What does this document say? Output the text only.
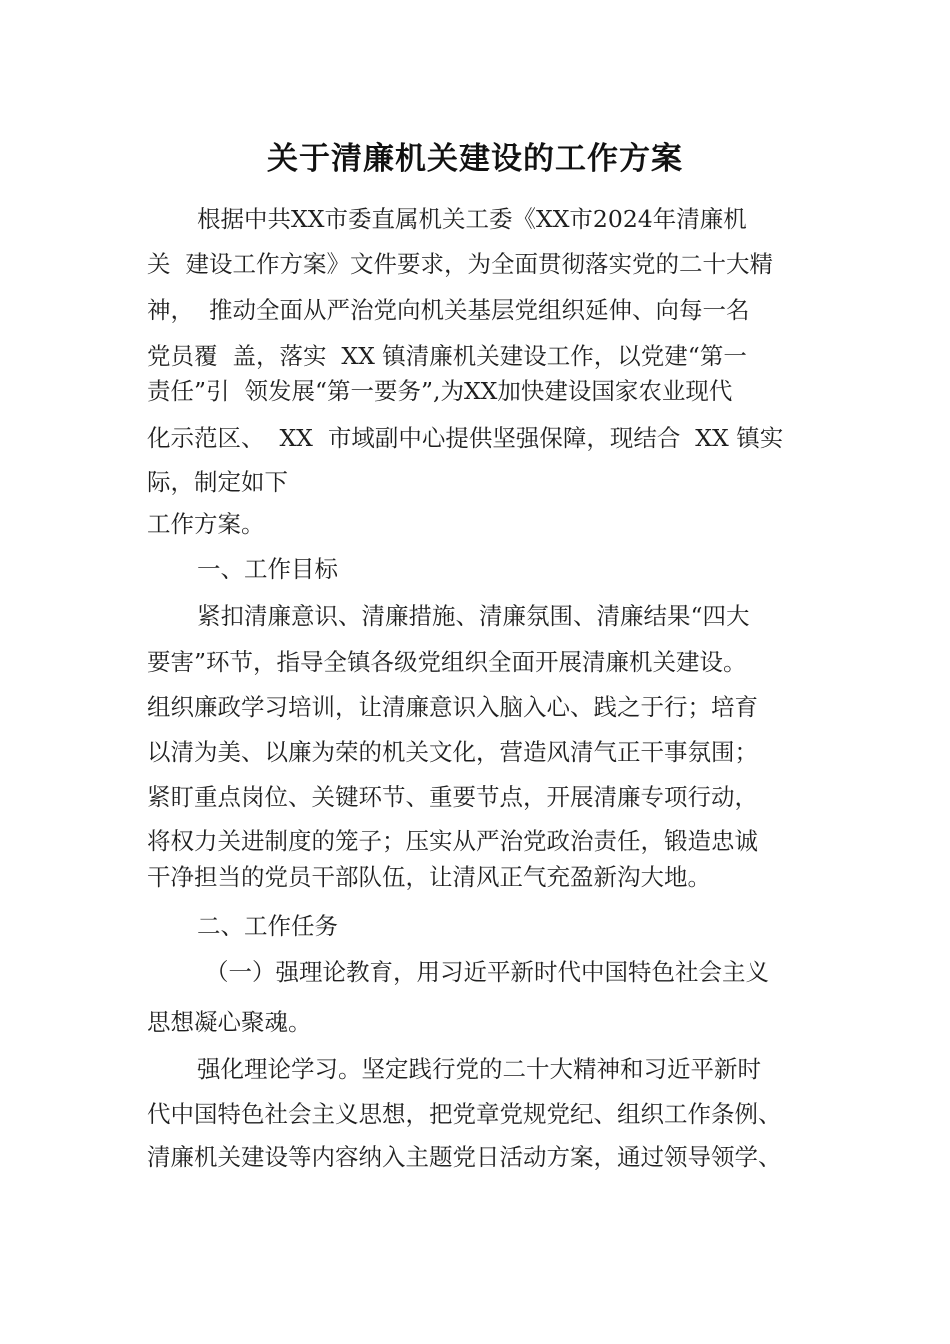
关于清廉机关建设的工作方案
根据中共XX市委直属机关工委《XX市2024年清廉机
关  建设工作方案》文件要求，为全面贯彻落实党的二十大精
神，  推动全面从严治党向机关基层党组织延伸、向每一名
党员覆  盖，落实  XX 镇清廉机关建设工作，以党建“第一
责任”引  领发展“第一要务”,为XX加快建设国家农业现代
化示范区、  XX  市域副中心提供坚强保障，现结合  XX 镇实
际，制定如下
工作方案。
一、工作目标
紧扣清廉意识、清廉措施、清廉氛围、清廉结果“四大
要害”环节，指导全镇各级党组织全面开展清廉机关建设。
组织廉政学习培训，让清廉意识入脑入心、践之于行；培育
以清为美、以廉为荣的机关文化，营造风清气正干事氛围；
紧盯重点岗位、关键环节、重要节点，开展清廉专项行动，
将权力关进制度的笼子；压实从严治党政治责任，锻造忠诚
干净担当的党员干部队伍，让清风正气充盈新沟大地。
二、工作任务
（一）强理论教育，用习近平新时代中国特色社会主义
思想凝心聚魂。
强化理论学习。坚定践行党的二十大精神和习近平新时
代中国特色社会主义思想，把党章党规党纪、组织工作条例、
清廉机关建设等内容纳入主题党日活动方案，通过领导领学、
